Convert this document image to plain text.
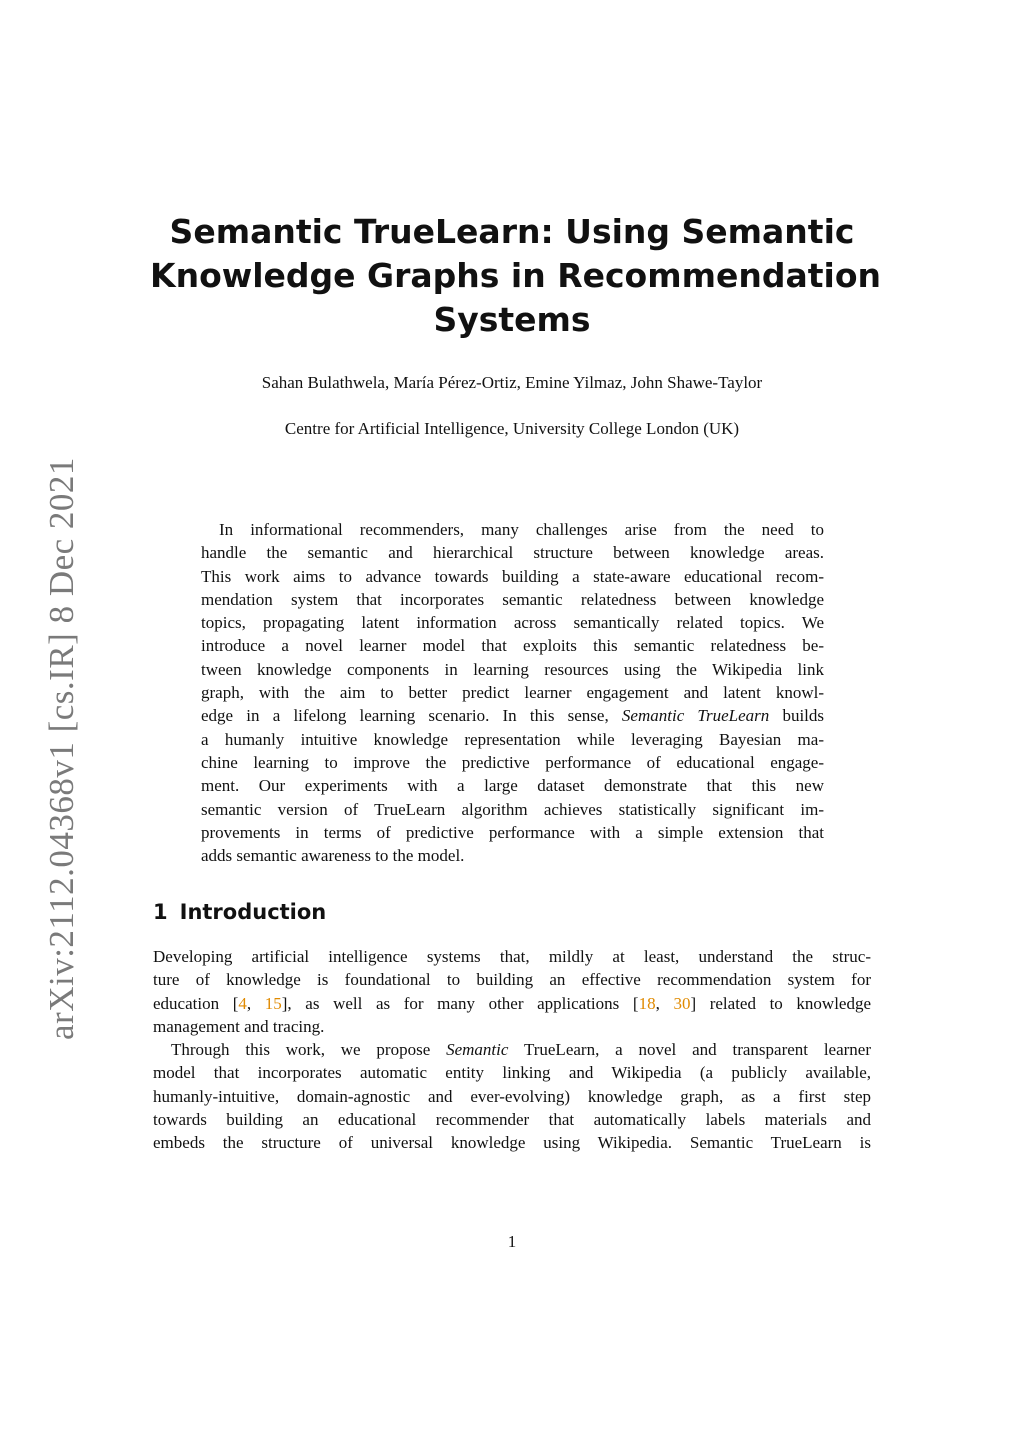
arXiv:2112.04368v1 [cs.IR] 8 Dec 2021
Semantic TrueLearn: Using Semantic
Knowledge Graphs in Recommendation
Systems
Sahan Bulathwela, María Pérez-Ortiz, Emine Yilmaz, John Shawe-Taylor
Centre for Artificial Intelligence, University College London (UK)
In informational recommenders, many challenges arise from the need to
handle the semantic and hierarchical structure between knowledge areas.
This work aims to advance towards building a state-aware educational recom-
mendation system that incorporates semantic relatedness between knowledge
topics, propagating latent information across semantically related topics. We
introduce a novel learner model that exploits this semantic relatedness be-
tween knowledge components in learning resources using the Wikipedia link
graph, with the aim to better predict learner engagement and latent knowl-
edge in a lifelong learning scenario. In this sense, Semantic TrueLearn builds
a humanly intuitive knowledge representation while leveraging Bayesian ma-
chine learning to improve the predictive performance of educational engage-
ment. Our experiments with a large dataset demonstrate that this new
semantic version of TrueLearn algorithm achieves statistically significant im-
provements in terms of predictive performance with a simple extension that
adds semantic awareness to the model.
1 Introduction
Developing artificial intelligence systems that, mildly at least, understand the struc-
ture of knowledge is foundational to building an effective recommendation system for
education [4, 15], as well as for many other applications [18, 30] related to knowledge
management and tracing.
Through this work, we propose Semantic TrueLearn, a novel and transparent learner
model that incorporates automatic entity linking and Wikipedia (a publicly available,
humanly-intuitive, domain-agnostic and ever-evolving) knowledge graph, as a first step
towards building an educational recommender that automatically labels materials and
embeds the structure of universal knowledge using Wikipedia. Semantic TrueLearn is
1
